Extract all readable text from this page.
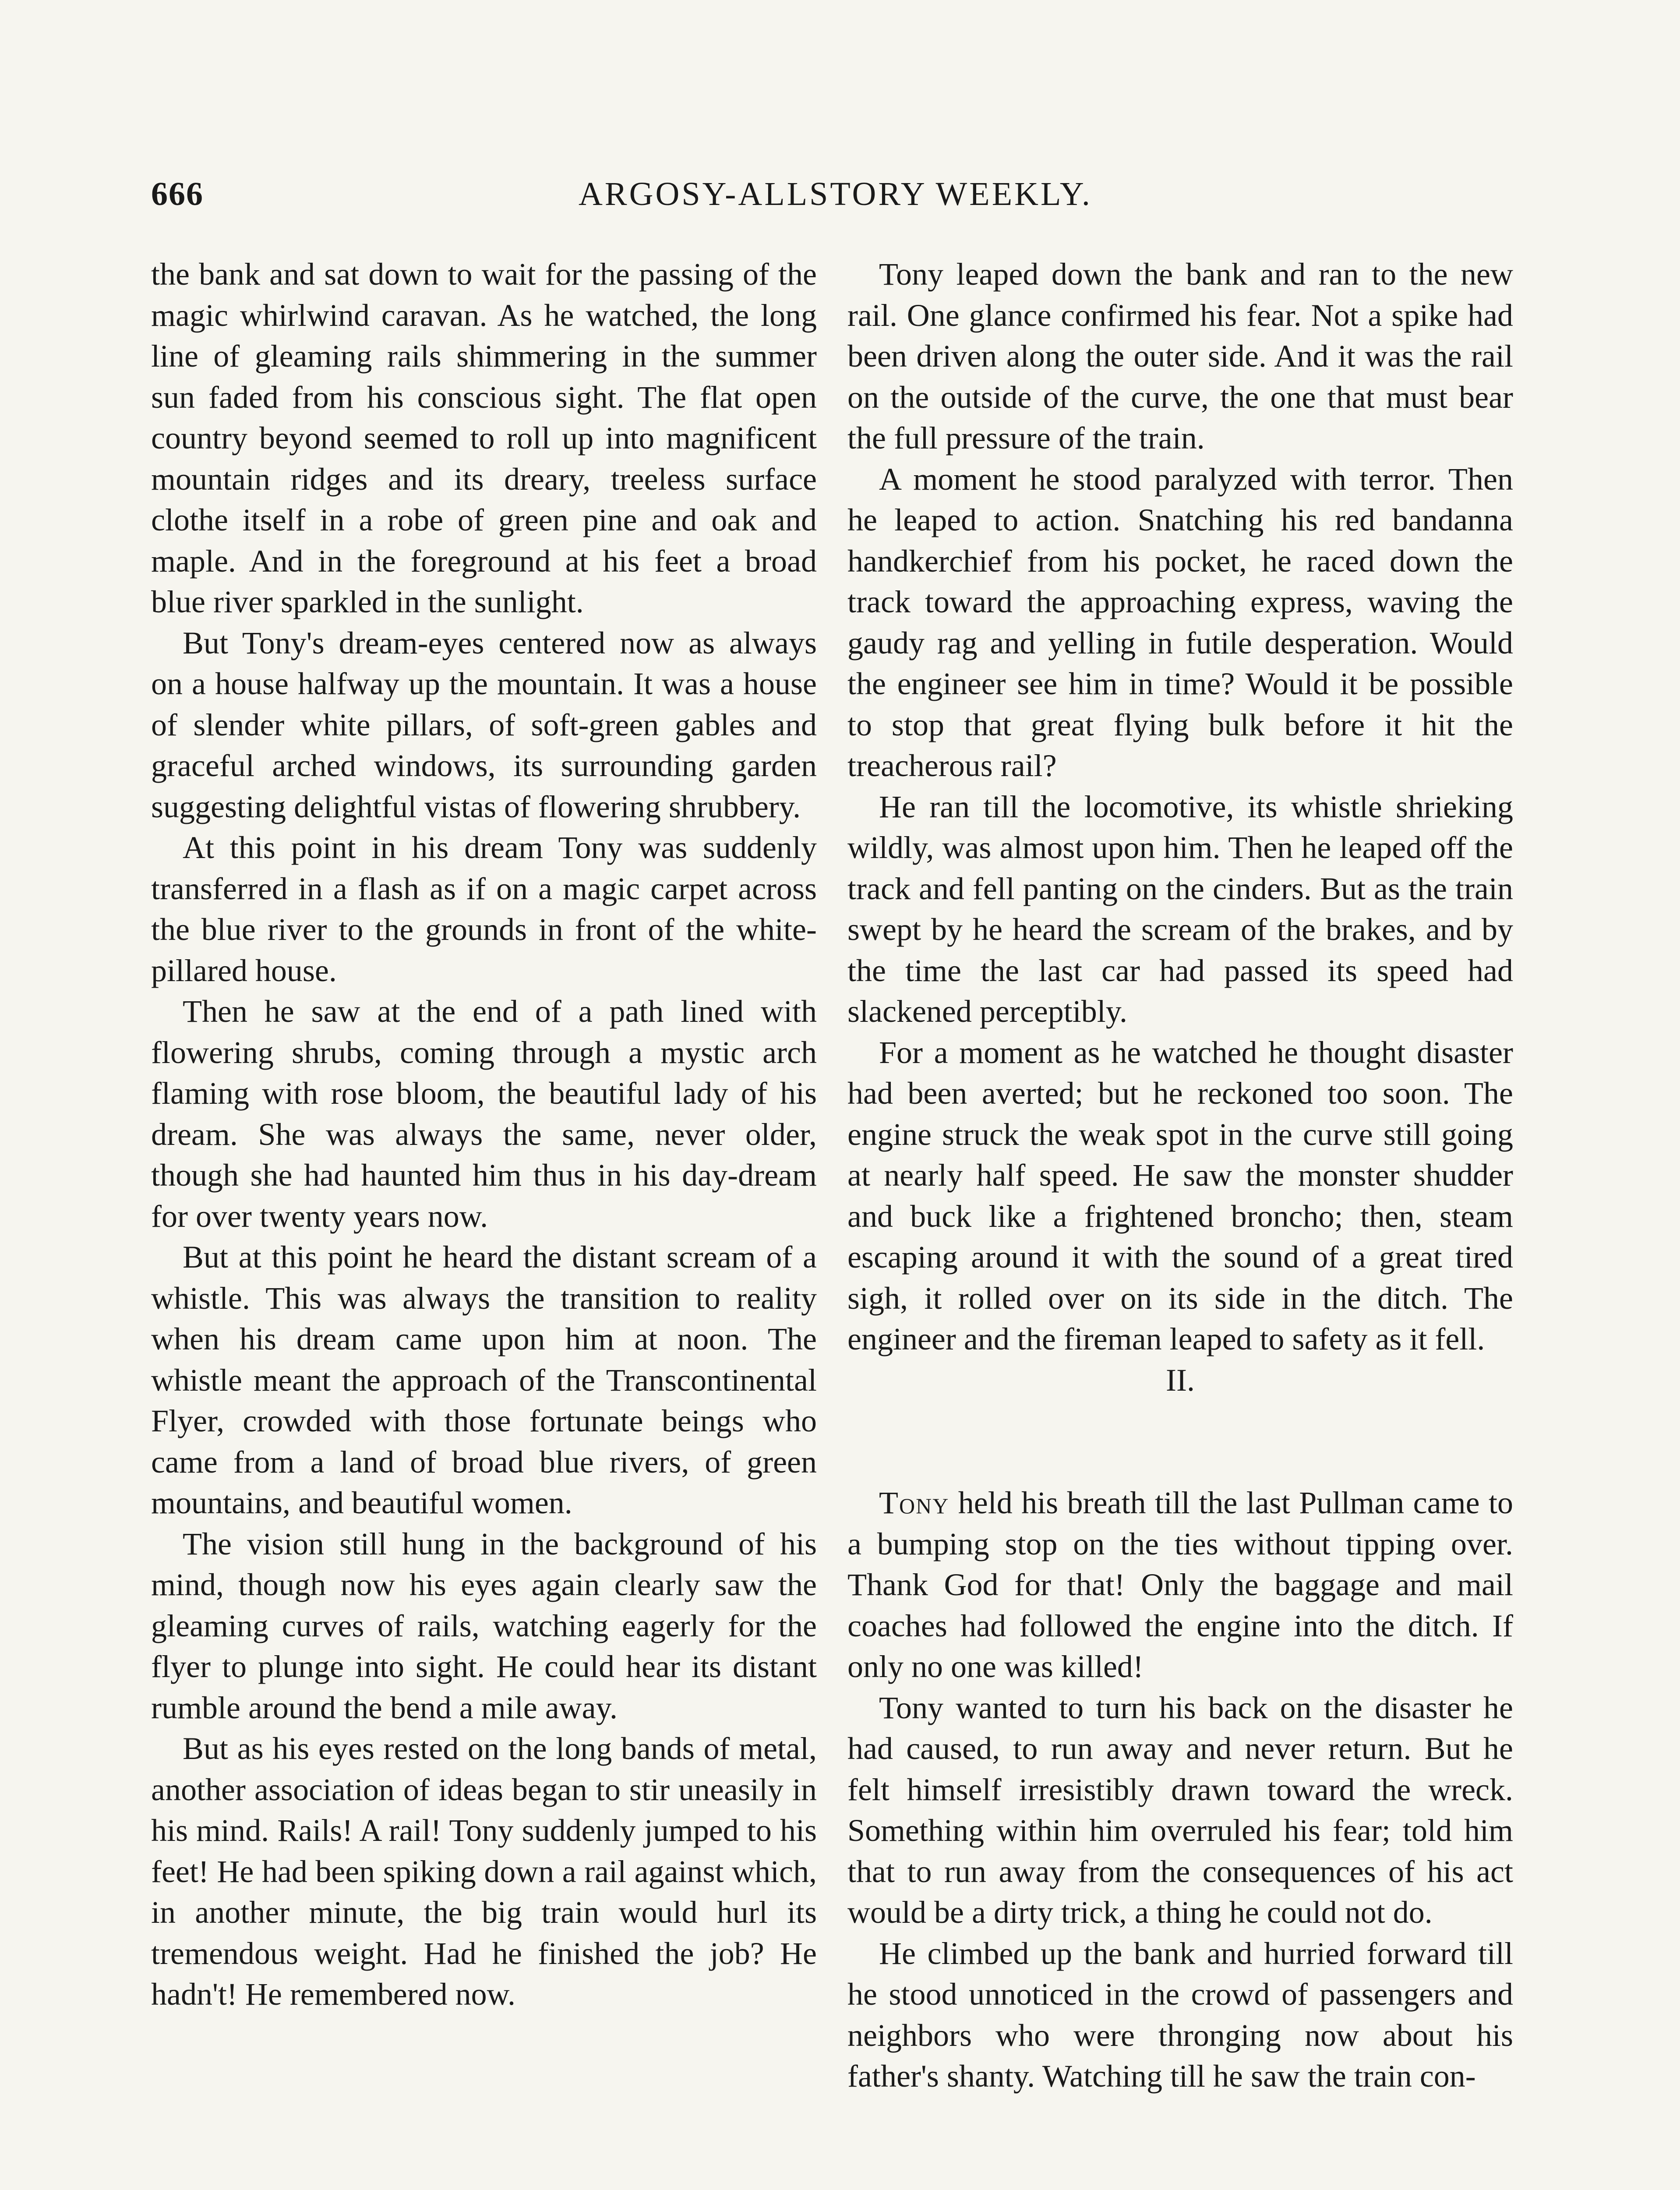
666	ARGOSY-ALLSTORY WEEKLY.

the bank and sat down to wait for the passing of the magic whirlwind caravan. As he watched, the long line of gleaming rails shimmering in the summer sun faded from his conscious sight. The flat open country beyond seemed to roll up into magnificent mountain ridges and its dreary, treeless surface clothe itself in a robe of green pine and oak and maple. And in the foreground at his feet a broad blue river sparkled in the sunlight.

But Tony's dream-eyes centered now as always on a house halfway up the mountain. It was a house of slender white pillars, of soft-green gables and graceful arched windows, its surrounding garden suggesting delightful vistas of flowering shrubbery.

At this point in his dream Tony was suddenly transferred in a flash as if on a magic carpet across the blue river to the grounds in front of the white-pillared house.

Then he saw at the end of a path lined with flowering shrubs, coming through a mystic arch flaming with rose bloom, the beautiful lady of his dream. She was always the same, never older, though she had haunted him thus in his day-dream for over twenty years now.

But at this point he heard the distant scream of a whistle. This was always the transition to reality when his dream came upon him at noon. The whistle meant the approach of the Transcontinental Flyer, crowded with those fortunate beings who came from a land of broad blue rivers, of green mountains, and beautiful women.

The vision still hung in the background of his mind, though now his eyes again clearly saw the gleaming curves of rails, watching eagerly for the flyer to plunge into sight. He could hear its distant rumble around the bend a mile away.

But as his eyes rested on the long bands of metal, another association of ideas began to stir uneasily in his mind. Rails! A rail! Tony suddenly jumped to his feet! He had been spiking down a rail against which, in another minute, the big train would hurl its tremendous weight. Had he finished the job? He hadn't! He remembered now.

Tony leaped down the bank and ran to the new rail. One glance confirmed his fear. Not a spike had been driven along the outer side. And it was the rail on the outside of the curve, the one that must bear the full pressure of the train.

A moment he stood paralyzed with terror. Then he leaped to action. Snatching his red bandanna handkerchief from his pocket, he raced down the track toward the approaching express, waving the gaudy rag and yelling in futile desperation. Would the engineer see him in time? Would it be possible to stop that great flying bulk before it hit the treacherous rail?

He ran till the locomotive, its whistle shrieking wildly, was almost upon him. Then he leaped off the track and fell panting on the cinders. But as the train swept by he heard the scream of the brakes, and by the time the last car had passed its speed had slackened perceptibly.

For a moment as he watched he thought disaster had been averted; but he reckoned too soon. The engine struck the weak spot in the curve still going at nearly half speed. He saw the monster shudder and buck like a frightened broncho; then, steam escaping around it with the sound of a great tired sigh, it rolled over on its side in the ditch. The engineer and the fireman leaped to safety as it fell.

II.

Tony held his breath till the last Pullman came to a bumping stop on the ties without tipping over. Thank God for that! Only the baggage and mail coaches had followed the engine into the ditch. If only no one was killed!

Tony wanted to turn his back on the disaster he had caused, to run away and never return. But he felt himself irresistibly drawn toward the wreck. Something within him overruled his fear; told him that to run away from the consequences of his act would be a dirty trick, a thing he could not do.

He climbed up the bank and hurried forward till he stood unnoticed in the crowd of passengers and neighbors who were thronging now about his father's shanty. Watching till he saw the train con-
